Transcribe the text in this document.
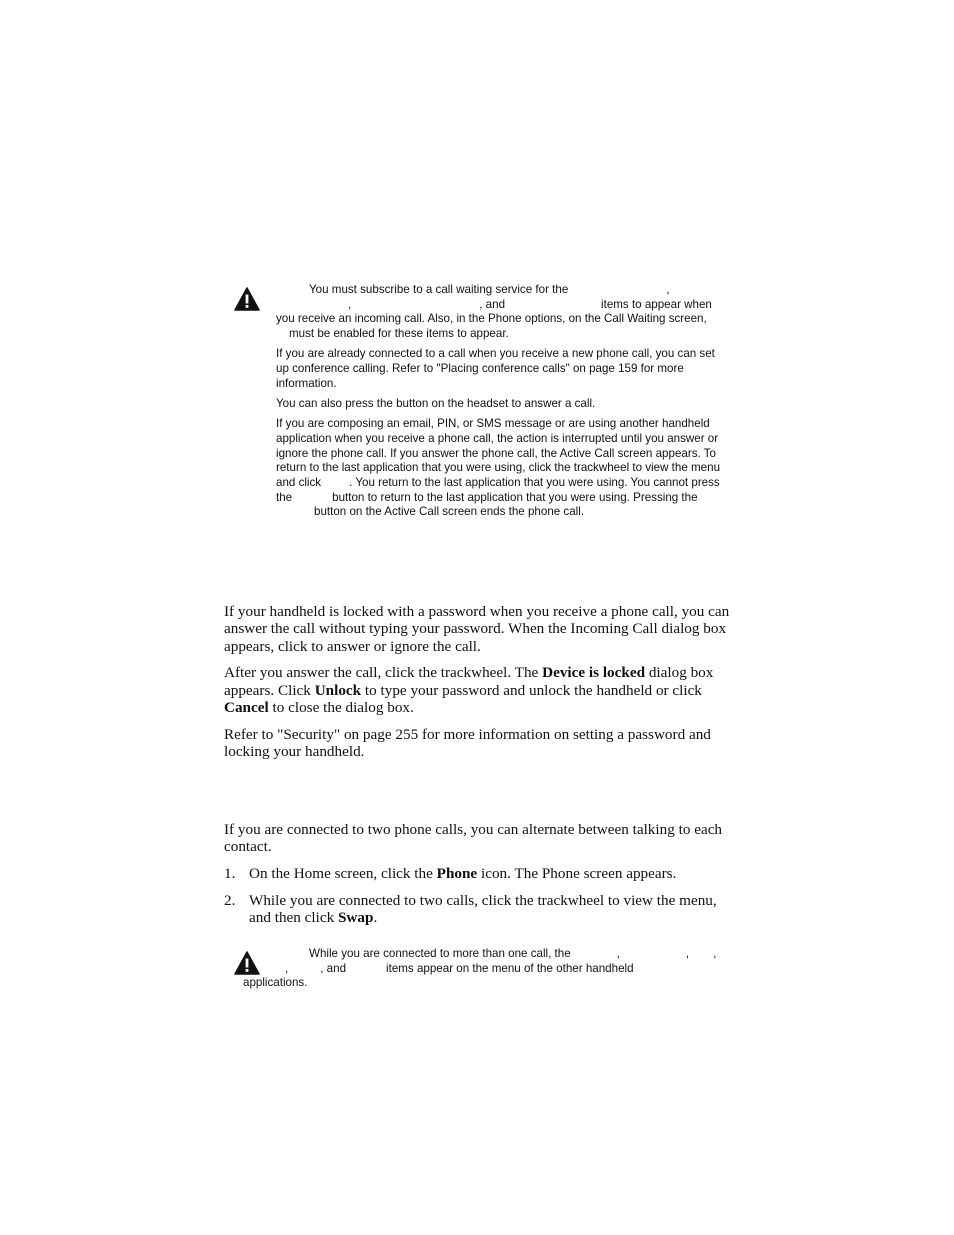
You must subscribe to a call waiting service for the	,
,	, and	items to appear when
you receive an incoming call. Also, in the Phone options, on the Call Waiting screen,
must be enabled for these items to appear.

If you are already connected to a call when you receive a new phone call, you can set up conference calling. Refer to "Placing conference calls" on page 159 for more information.

You can also press the button on the headset to answer a call.

If you are composing an email, PIN, or SMS message or are using another handheld application when you receive a phone call, the action is interrupted until you answer or ignore the phone call. If you answer the phone call, the Active Call screen appears. To return to the last application that you were using, click the trackwheel to view the menu and click . You return to the last application that you were using. You cannot press the	button to return to the last application that you were using. Pressing the
button on the Active Call screen ends the phone call.

If your handheld is locked with a password when you receive a phone call, you can answer the call without typing your password. When the Incoming Call dialog box appears, click to answer or ignore the call.

After you answer the call, click the trackwheel. The Device is locked dialog box appears. Click Unlock to type your password and unlock the handheld or click Cancel to close the dialog box.

Refer to "Security" on page 255 for more information on setting a password and locking your handheld.

If you are connected to two phone calls, you can alternate between talking to each contact.

1. On the Home screen, click the Phone icon. The Phone screen appears.
2. While you are connected to two calls, click the trackwheel to view the menu, and then click Swap.

While you are connected to more than one call, the	,	, ,
,	, and	items appear on the menu of the other handheld
applications.
